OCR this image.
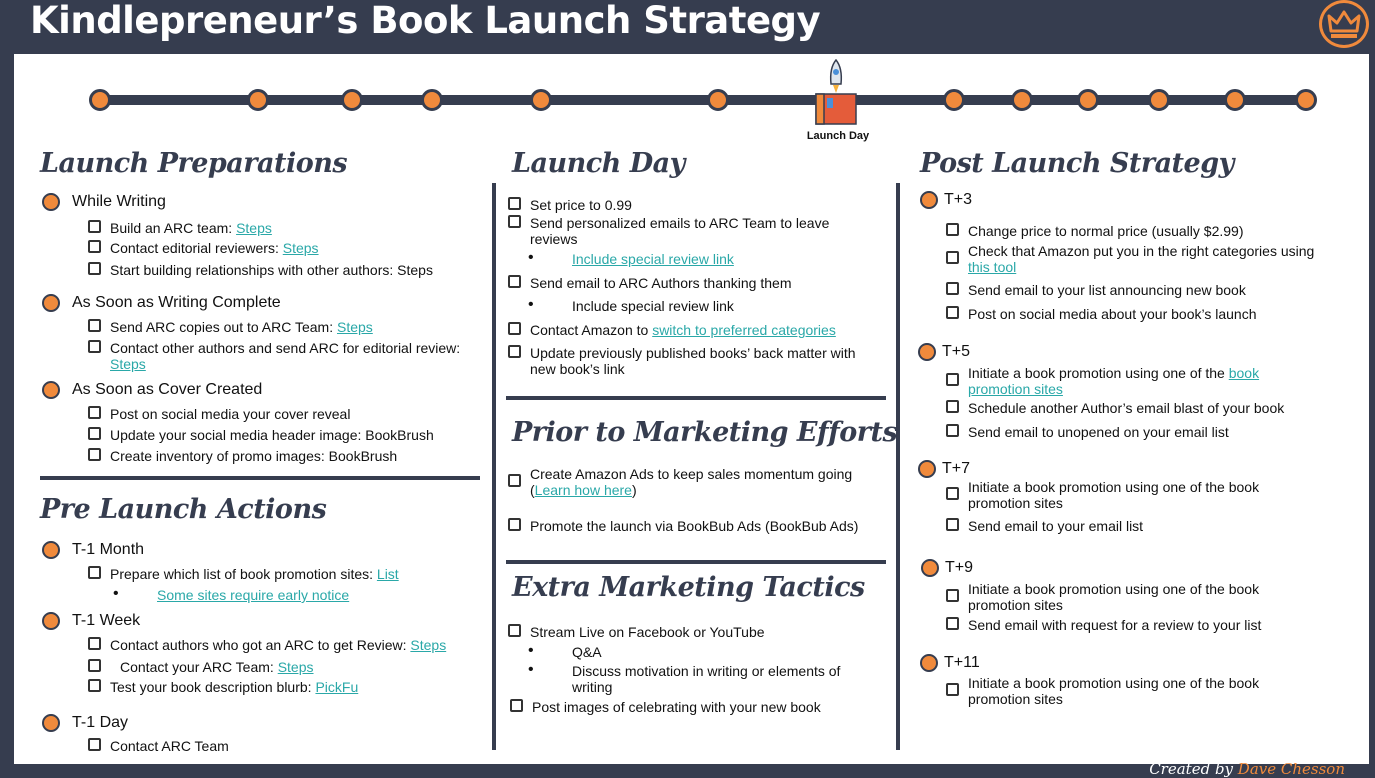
Kindlepreneur’s Book Launch Strategy
Launch Day
Launch Preparations
While Writing
Build an ARC team: Steps
Contact editorial reviewers: Steps
Start building relationships with other authors: Steps
As Soon as Writing Complete
Send ARC copies out to ARC Team: Steps
Contact other authors and send ARC for editorial review: Steps
As Soon as Cover Created
Post on social media your cover reveal
Update your social media header image: BookBrush
Create inventory of promo images: BookBrush
Pre Launch Actions
T-1 Month
Prepare which list of book promotion sites: List
• Some sites require early notice
T-1 Week
Contact authors who got an ARC to get Review: Steps
Contact your ARC Team: Steps
Test your book description blurb: PickFu
T-1 Day
Contact ARC Team
Launch Day
Set price to 0.99
Send personalized emails to ARC Team to leave reviews
• Include special review link
Send email to ARC Authors thanking them
• Include special review link
Contact Amazon to switch to preferred categories
Update previously published books’ back matter with new book’s link
Prior to Marketing Efforts
Create Amazon Ads to keep sales momentum going (Learn how here)
Promote the launch via BookBub Ads (BookBub Ads)
Extra Marketing Tactics
Stream Live on Facebook or YouTube
• Q&A
• Discuss motivation in writing or elements of writing
Post images of celebrating with your new book
Post Launch Strategy
T+3
Change price to normal price (usually $2.99)
Check that Amazon put you in the right categories using this tool
Send email to your list announcing new book
Post on social media about your book’s launch
T+5
Initiate a book promotion using one of the book promotion sites
Schedule another Author’s email blast of your book
Send email to unopened on your email list
T+7
Initiate a book promotion using one of the book promotion sites
Send email to your email list
T+9
Initiate a book promotion using one of the book promotion sites
Send email with request for a review to your list
T+11
Initiate a book promotion using one of the book promotion sites
Created by Dave Chesson
